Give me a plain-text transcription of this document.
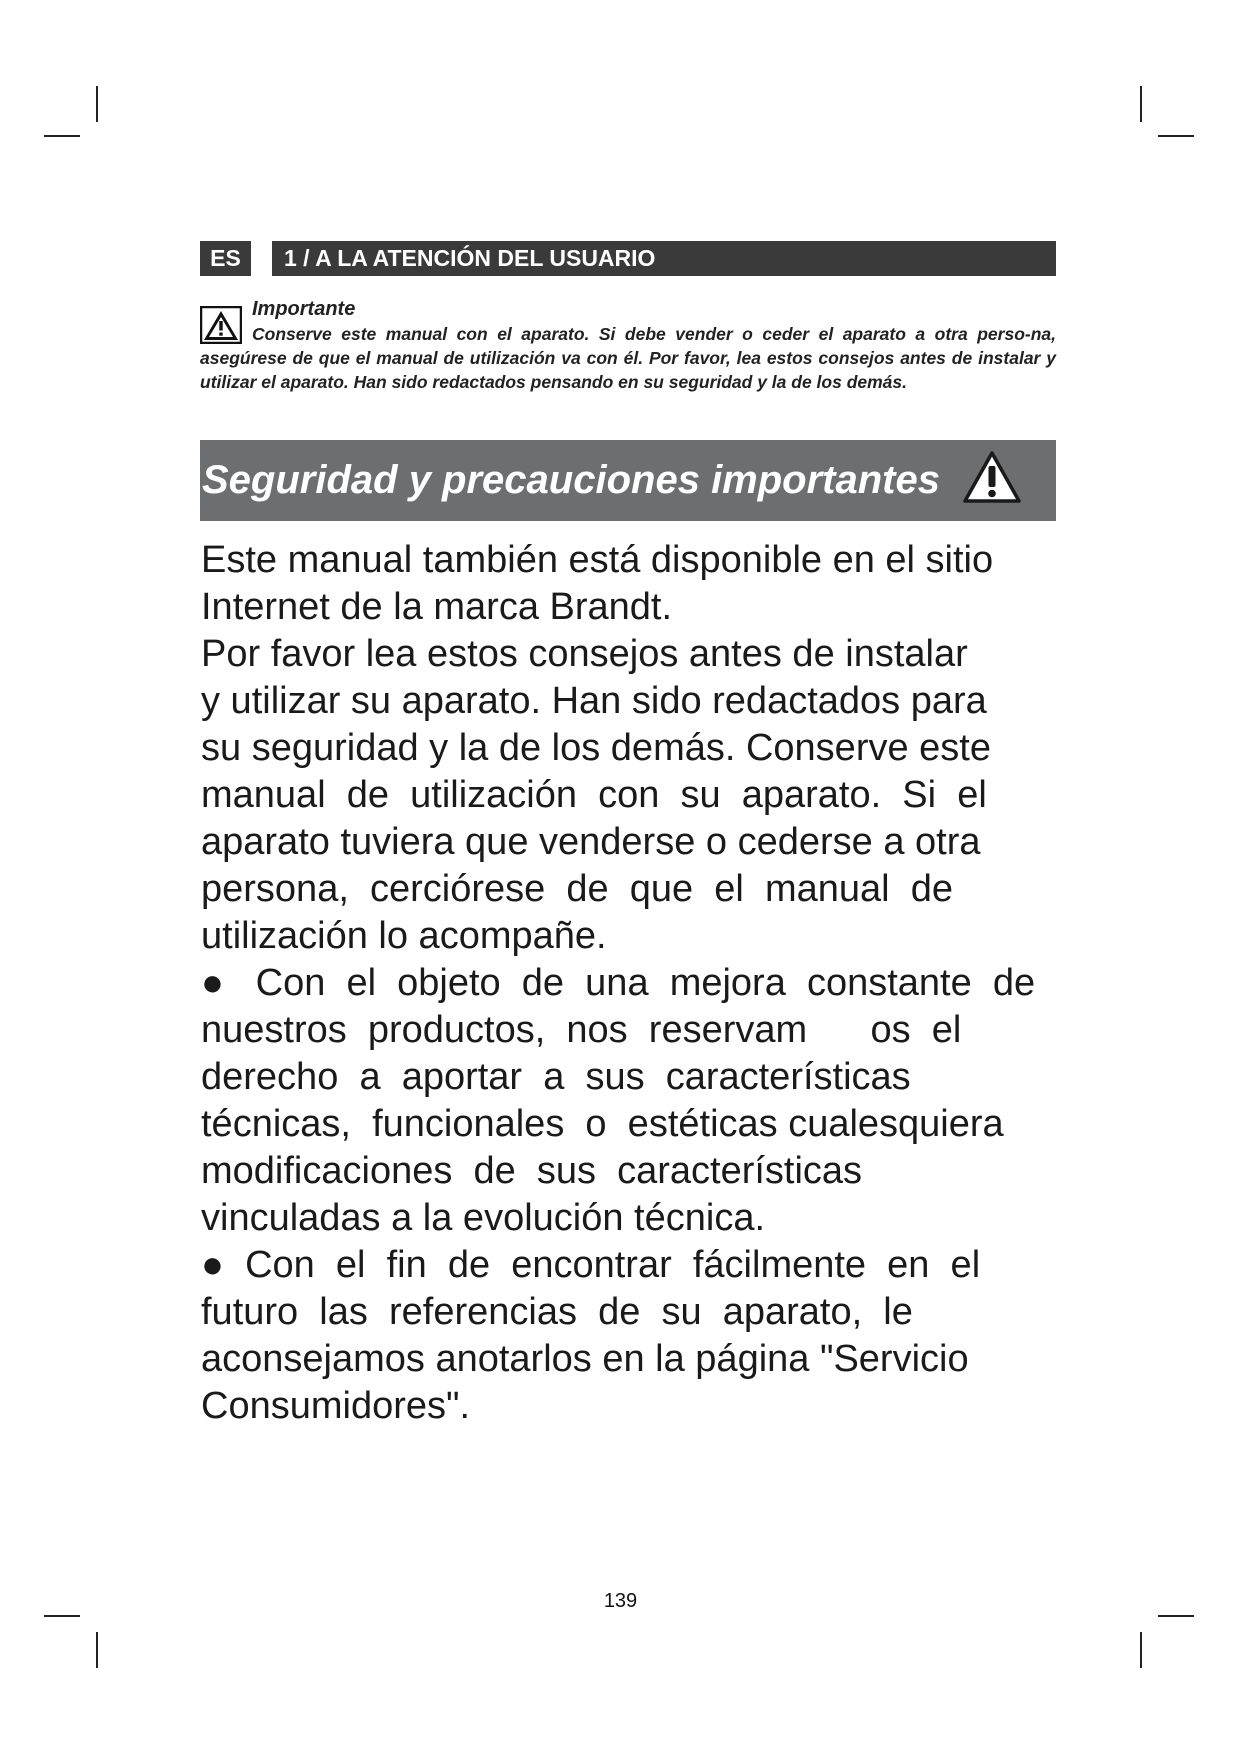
ES	1 / A LA ATENCIÓN DEL USUARIO
Importante
Conserve este manual con el aparato. Si debe vender o ceder el aparato a otra perso-na, asegúrese de que el manual de utilización va con él. Por favor, lea estos consejos antes de instalar y utilizar el aparato. Han sido redactados pensando en su seguridad y la de los demás.
Seguridad y precauciones importantes
Este manual también está disponible en el sitio
Internet de la marca Brandt.
Por favor lea estos consejos antes de instalar
y utilizar su aparato. Han sido redactados para
su seguridad y la de los demás. Conserve este
manual  de  utilización  con  su  aparato.  Si  el
aparato tuviera que venderse o cederse a otra
persona,  cerciórese  de  que  el  manual  de
utilización lo acompañe.
●   Con  el  objeto  de  una  mejora  constante  de
nuestros  productos,  nos  reservam      os  el
derecho  a  aportar  a  sus  características
técnicas,  funcionales  o  estéticas cualesquiera
modificaciones  de  sus  características
vinculadas a la evolución técnica.
●  Con  el  fin  de  encontrar  fácilmente  en  el
futuro  las  referencias  de  su  aparato,  le
aconsejamos anotarlos en la página "Servicio
Consumidores".
139
